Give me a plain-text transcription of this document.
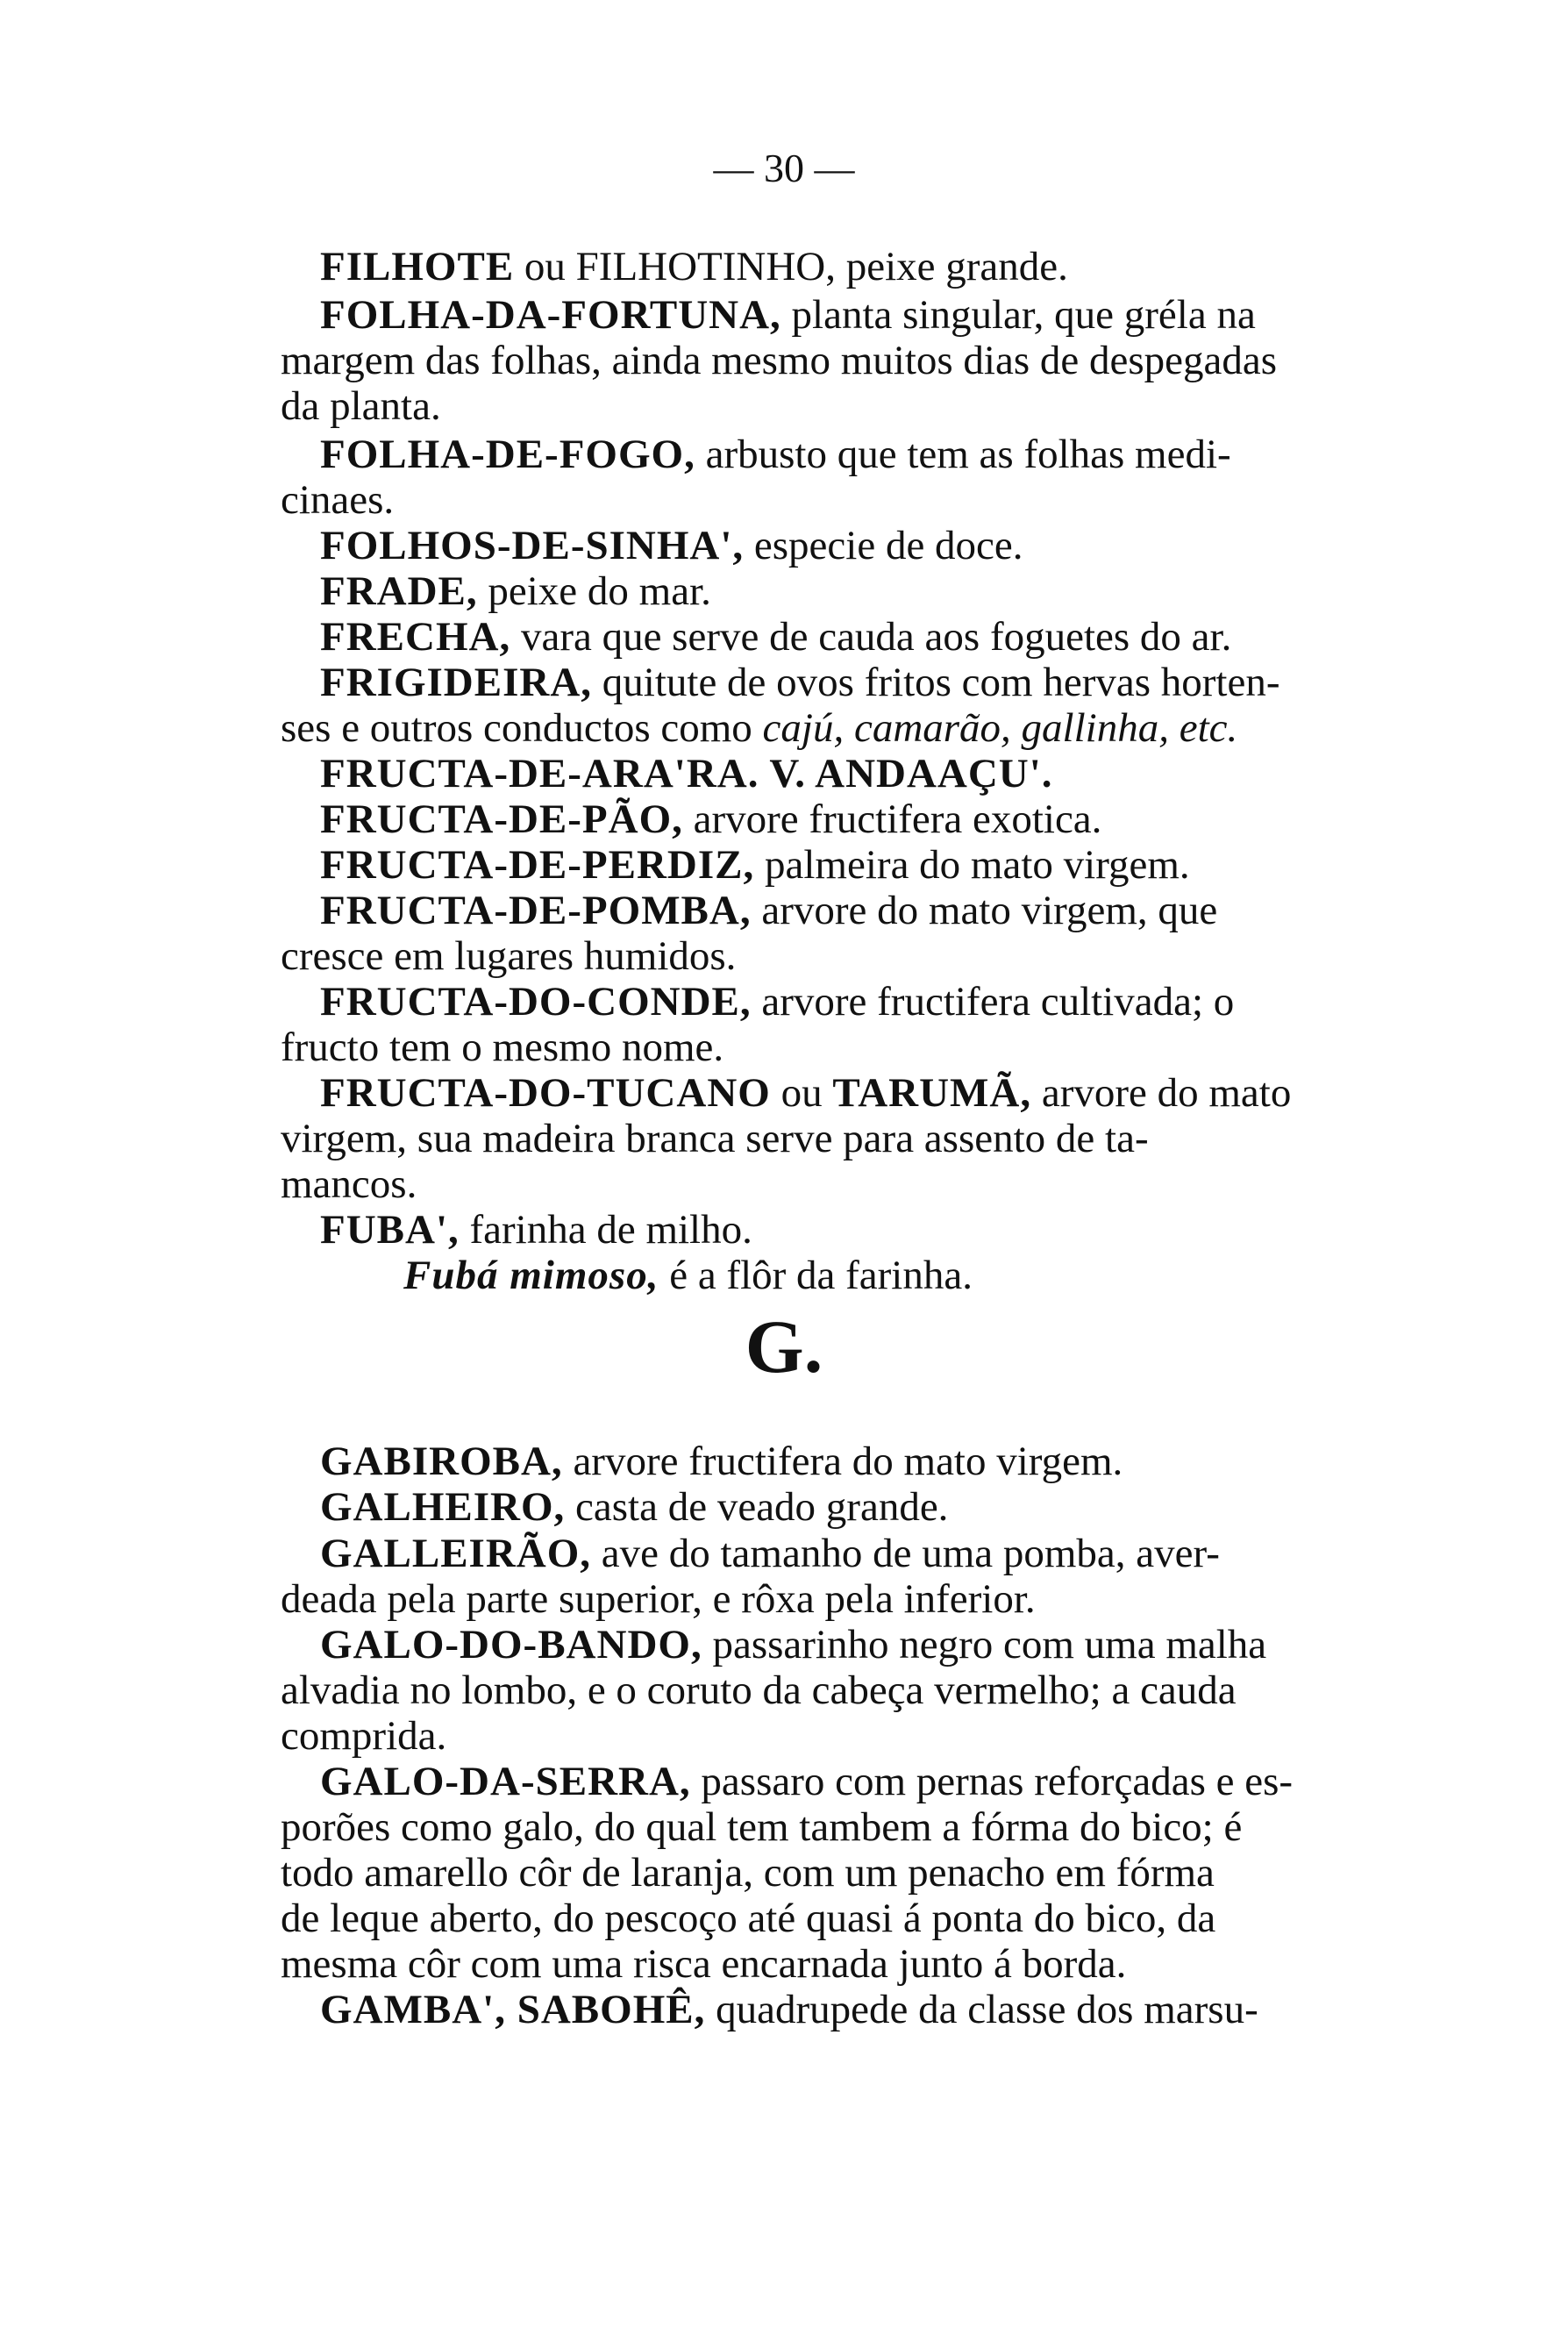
— 30 —
FILHOTE ou FILHOTINHO, peixe grande.
FOLHA-DA-FORTUNA, planta singular, que gréla na
margem das folhas, ainda mesmo muitos dias de despegadas
da planta.
FOLHA-DE-FOGO, arbusto que tem as folhas medi-
cinaes.
FOLHOS-DE-SINHA', especie de doce.
FRADE, peixe do mar.
FRECHA, vara que serve de cauda aos foguetes do ar.
FRIGIDEIRA, quitute de ovos fritos com hervas horten-
ses e outros conductos como cajú, camarão, gallinha, etc.
FRUCTA-DE-ARA'RA. V. ANDAAÇU'.
FRUCTA-DE-PÃO, arvore fructifera exotica.
FRUCTA-DE-PERDIZ, palmeira do mato virgem.
FRUCTA-DE-POMBA, arvore do mato virgem, que
cresce em lugares humidos.
FRUCTA-DO-CONDE, arvore fructifera cultivada; o
fructo tem o mesmo nome.
FRUCTA-DO-TUCANO ou TARUMÃ, arvore do mato
virgem, sua madeira branca serve para assento de ta-
mancos.
FUBA', farinha de milho.
Fubá mimoso, é a flôr da farinha.
G.
GABIROBA, arvore fructifera do mato virgem.
GALHEIRO, casta de veado grande.
GALLEIRÃO, ave do tamanho de uma pomba, aver-
deada pela parte superior, e rôxa pela inferior.
GALO-DO-BANDO, passarinho negro com uma malha
alvadia no lombo, e o coruto da cabeça vermelho; a cauda
comprida.
GALO-DA-SERRA, passaro com pernas reforçadas e es-
porões como galo, do qual tem tambem a fórma do bico; é
todo amarello côr de laranja, com um penacho em fórma
de leque aberto, do pescoço até quasi á ponta do bico, da
mesma côr com uma risca encarnada junto á borda.
GAMBA', SABOHÊ, quadrupede da classe dos marsu-
